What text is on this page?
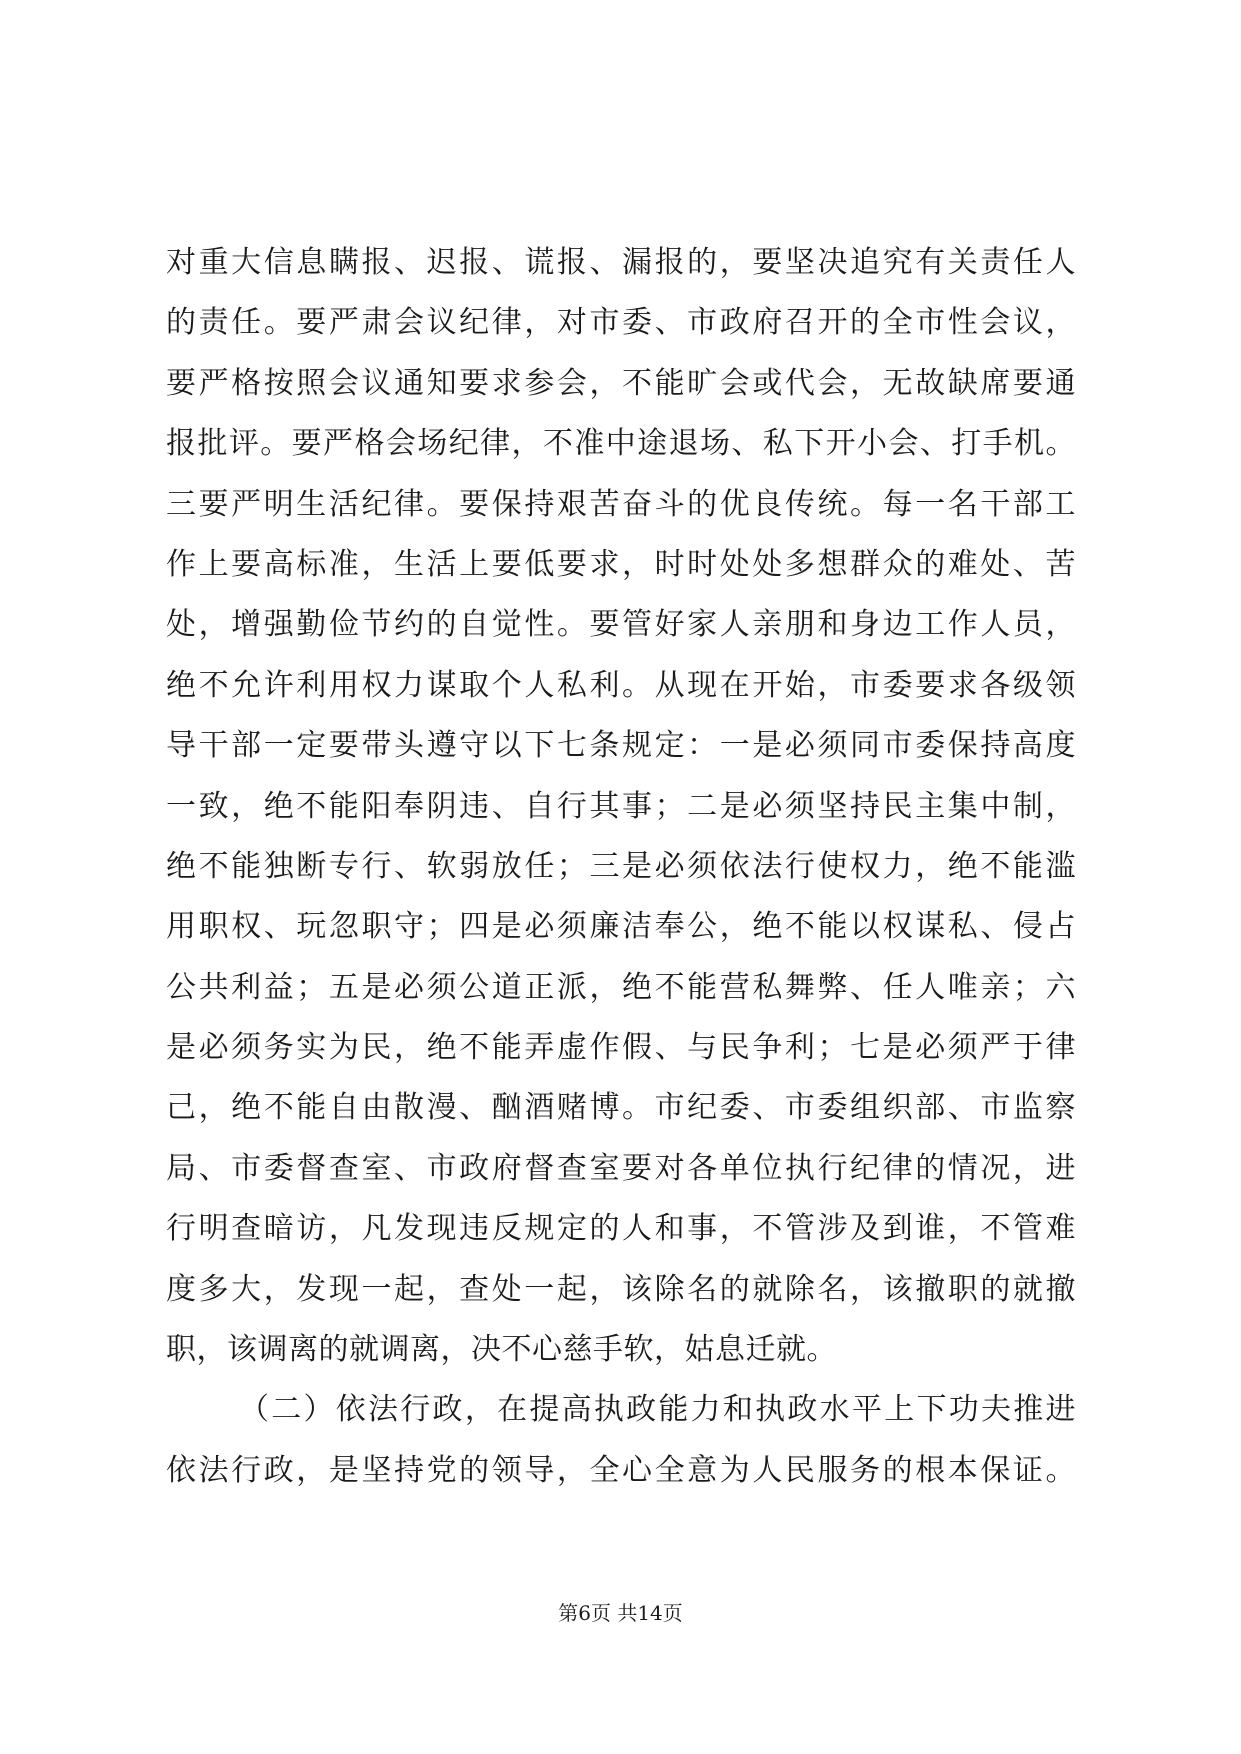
对重大信息瞒报、迟报、谎报、漏报的，要坚决追究有关责任人
的责任。要严肃会议纪律，对市委、市政府召开的全市性会议，
要严格按照会议通知要求参会，不能旷会或代会，无故缺席要通
报批评。要严格会场纪律，不准中途退场、私下开小会、打手机。
三要严明生活纪律。要保持艰苦奋斗的优良传统。每一名干部工
作上要高标准，生活上要低要求，时时处处多想群众的难处、苦
处，增强勤俭节约的自觉性。要管好家人亲朋和身边工作人员，
绝不允许利用权力谋取个人私利。从现在开始，市委要求各级领
导干部一定要带头遵守以下七条规定：一是必须同市委保持高度
一致，绝不能阳奉阴违、自行其事；二是必须坚持民主集中制，
绝不能独断专行、软弱放任；三是必须依法行使权力，绝不能滥
用职权、玩忽职守；四是必须廉洁奉公，绝不能以权谋私、侵占
公共利益；五是必须公道正派，绝不能营私舞弊、任人唯亲；六
是必须务实为民，绝不能弄虚作假、与民争利；七是必须严于律
己，绝不能自由散漫、酗酒赌博。市纪委、市委组织部、市监察
局、市委督查室、市政府督查室要对各单位执行纪律的情况，进
行明查暗访，凡发现违反规定的人和事，不管涉及到谁，不管难
度多大，发现一起，查处一起，该除名的就除名，该撤职的就撤
职，该调离的就调离，决不心慈手软，姑息迁就。
（二）依法行政，在提高执政能力和执政水平上下功夫推进
依法行政，是坚持党的领导，全心全意为人民服务的根本保证。
第6页 共14页
